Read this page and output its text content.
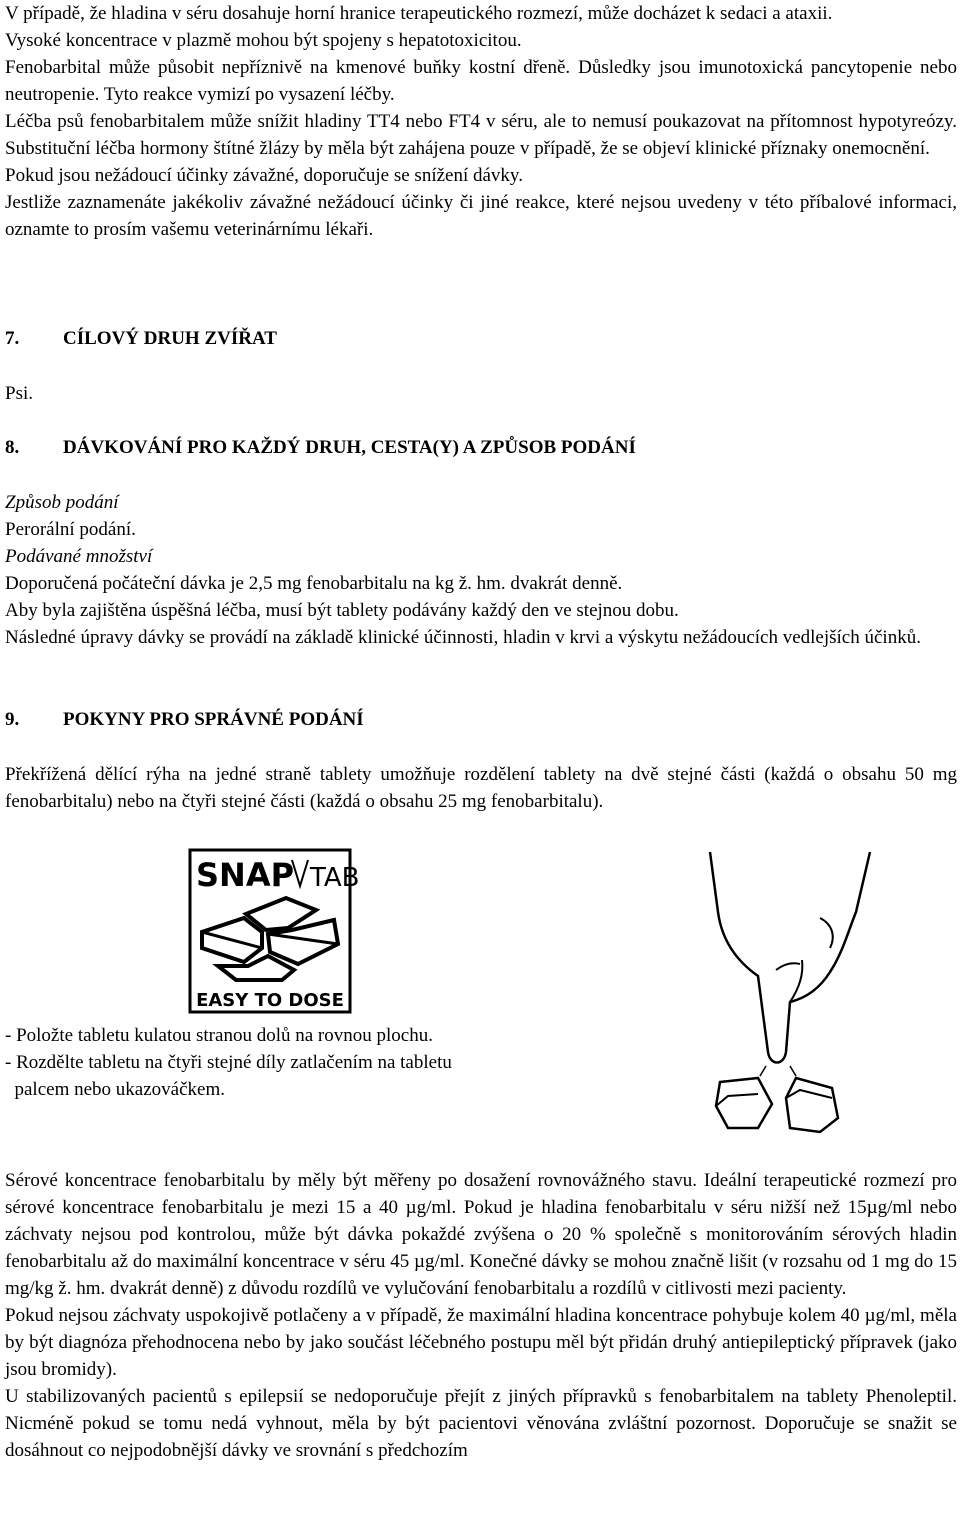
V případě, že hladina v séru dosahuje horní hranice terapeutického rozmezí, může docházet k sedaci a ataxii.

Vysoké koncentrace v plazmě mohou být spojeny s hepatotoxicitou.

Fenobarbital může působit nepříznivě na kmenové buňky kostní dřeně. Důsledky jsou imunotoxická pancytopenie nebo neutropenie. Tyto reakce vymizí po vysazení léčby.

Léčba psů fenobarbitalem může snížit hladiny TT4 nebo FT4 v séru, ale to nemusí poukazovat na přítomnost hypotyreózy. Substituční léčba hormony štítné žlázy by měla být zahájena pouze v případě, že se objeví klinické příznaky onemocnění.

Pokud jsou nežádoucí účinky závažné, doporučuje se snížení dávky.

Jestliže zaznamenáte jakékoliv závažné nežádoucí účinky či jiné reakce, které nejsou uvedeny v této příbalové informaci, oznamte to prosím vašemu veterinárnímu lékaři.

7.	CÍLOVÝ DRUH ZVÍŘAT

Psi.

8.	DÁVKOVÁNÍ PRO KAŽDÝ DRUH, CESTA(Y) A ZPŮSOB PODÁNÍ

Způsob podání

Perorální podání.

Podávané množství

Doporučená počáteční dávka je 2,5 mg fenobarbitalu na kg ž. hm. dvakrát denně.

Aby byla zajištěna úspěšná léčba, musí být tablety podávány každý den ve stejnou dobu.

Následné úpravy dávky se provádí na základě klinické účinnosti, hladin v krvi a výskytu nežádoucích vedlejších účinků.

9.	POKYNY PRO SPRÁVNÉ PODÁNÍ

Překřížená dělící rýha na jedné straně tablety umožňuje rozdělení tablety na dvě stejné části (každá o obsahu 50 mg fenobarbitalu) nebo na čtyři stejné části (každá o obsahu 25 mg fenobarbitalu).

SNAP TAB
EASY TO DOSE

- Položte tabletu kulatou stranou dolů na rovnou plochu.

- Rozdělte tabletu na čtyři stejné díly zatlačením na tabletu

palcem nebo ukazováčkem.

Sérové koncentrace fenobarbitalu by měly být měřeny po dosažení rovnovážného stavu. Ideální terapeutické rozmezí pro sérové koncentrace fenobarbitalu je mezi 15 a 40 µg/ml. Pokud je hladina fenobarbitalu v séru nižší než 15µg/ml nebo záchvaty nejsou pod kontrolou, může být dávka pokaždé zvýšena o 20 % společně s monitorováním sérových hladin fenobarbitalu až do maximální koncentrace v séru 45 µg/ml. Konečné dávky se mohou značně lišit (v rozsahu od 1 mg do 15 mg/kg ž. hm. dvakrát denně) z důvodu rozdílů ve vylučování fenobarbitalu a rozdílů v citlivosti mezi pacienty.

Pokud nejsou záchvaty uspokojivě potlačeny a v případě, že maximální hladina koncentrace pohybuje kolem 40 µg/ml, měla by být diagnóza přehodnocena nebo by jako součást léčebného postupu měl být přidán druhý antiepileptický přípravek (jako jsou bromidy).

U stabilizovaných pacientů s epilepsií se nedoporučuje přejít z jiných přípravků s fenobarbitalem na tablety Phenoleptil. Nicméně pokud se tomu nedá vyhnout, měla by být pacientovi věnována zvláštní pozornost. Doporučuje se snažit se dosáhnout co nejpodobnější dávky ve srovnání s předchozím
